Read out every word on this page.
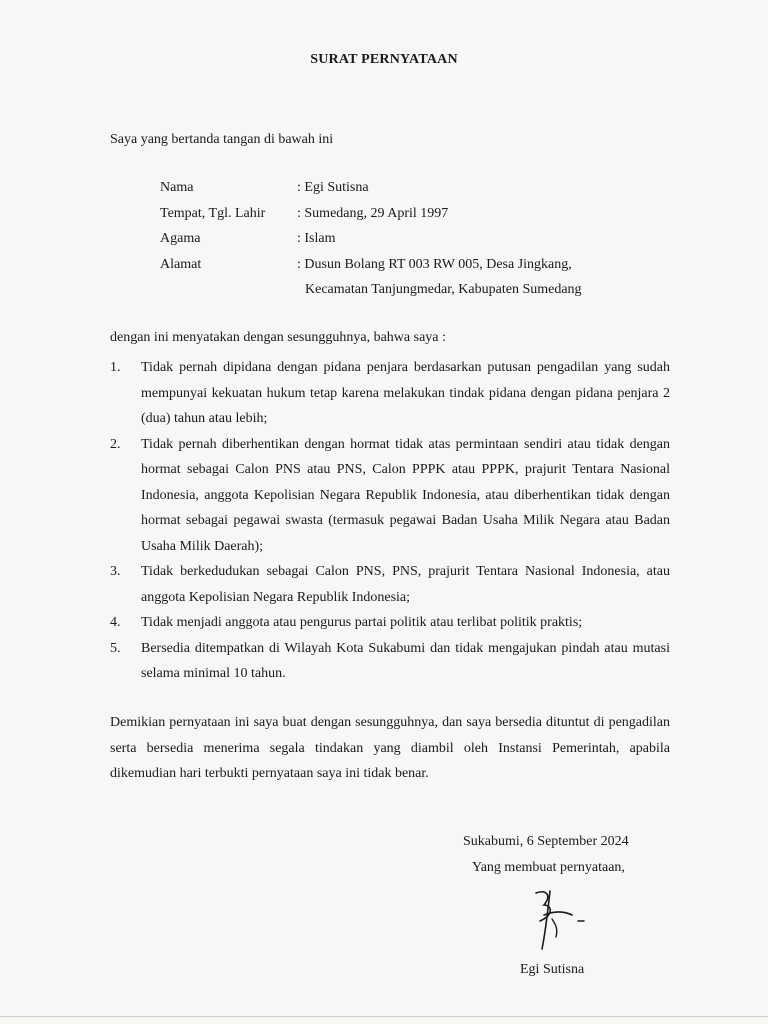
SURAT PERNYATAAN
Saya yang bertanda tangan di bawah ini
Nama	: Egi Sutisna
Tempat, Tgl. Lahir	: Sumedang, 29 April 1997
Agama	: Islam
Alamat	: Dusun Bolang RT 003 RW 005, Desa Jingkang,
Kecamatan Tanjungmedar, Kabupaten Sumedang
dengan ini menyatakan dengan sesungguhnya, bahwa saya :
1.	Tidak pernah dipidana dengan pidana penjara berdasarkan putusan pengadilan yang sudah mempunyai kekuatan hukum tetap karena melakukan tindak pidana dengan pidana penjara 2 (dua) tahun atau lebih;
2.	Tidak pernah diberhentikan dengan hormat tidak atas permintaan sendiri atau tidak dengan hormat sebagai Calon PNS atau PNS, Calon PPPK atau PPPK, prajurit Tentara Nasional Indonesia, anggota Kepolisian Negara Republik Indonesia, atau diberhentikan tidak dengan hormat sebagai pegawai swasta (termasuk pegawai Badan Usaha Milik Negara atau Badan Usaha Milik Daerah);
3.	Tidak berkedudukan sebagai Calon PNS, PNS, prajurit Tentara Nasional Indonesia, atau anggota Kepolisian Negara Republik Indonesia;
4.	Tidak menjadi anggota atau pengurus partai politik atau terlibat politik praktis;
5.	Bersedia ditempatkan di Wilayah Kota Sukabumi dan tidak mengajukan pindah atau mutasi selama minimal 10 tahun.
Demikian pernyataan ini saya buat dengan sesungguhnya, dan saya bersedia dituntut di pengadilan serta bersedia menerima segala tindakan yang diambil oleh Instansi Pemerintah, apabila dikemudian hari terbukti pernyataan saya ini tidak benar.
Sukabumi, 6 September 2024
Yang membuat pernyataan,
Egi Sutisna
